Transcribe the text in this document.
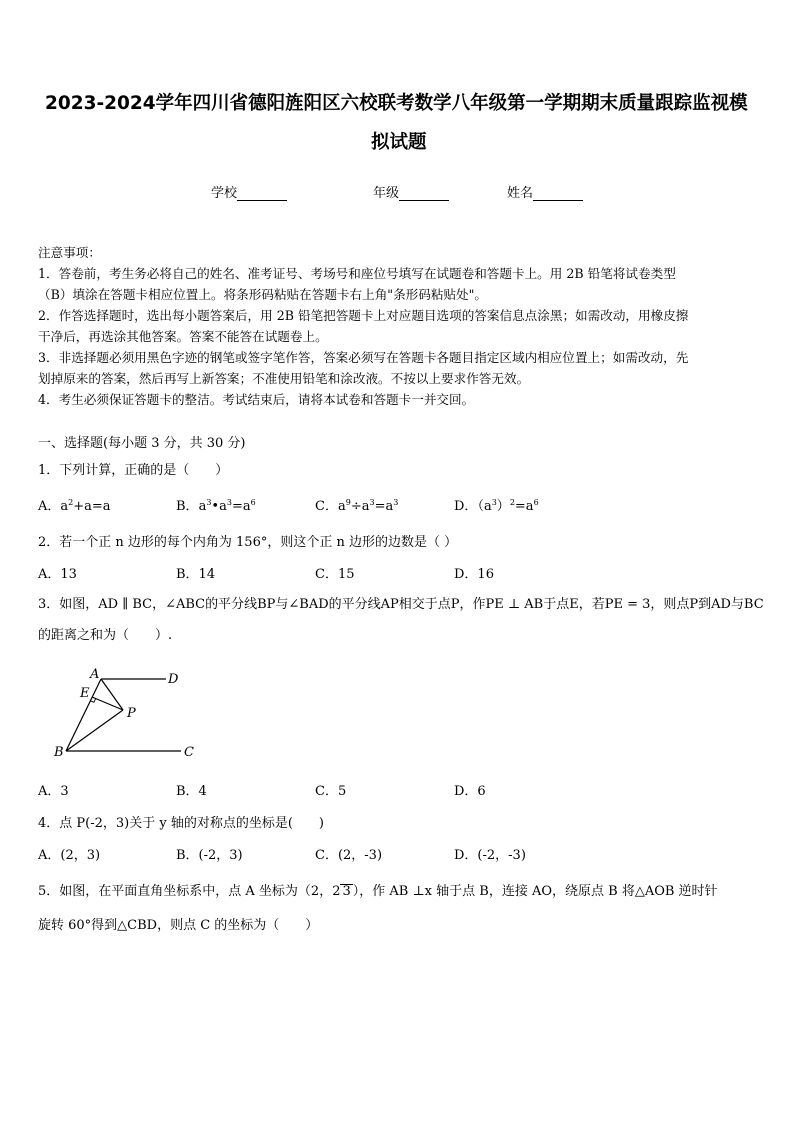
2023-2024学年四川省德阳旌阳区六校联考数学八年级第一学期期末质量跟踪监视模
拟试题
学校	年级	姓名
注意事项：
1．答卷前，考生务必将自己的姓名、准考证号、考场号和座位号填写在试题卷和答题卡上。用 2B 铅笔将试卷类型
（B）填涂在答题卡相应位置上。将条形码粘贴在答题卡右上角"条形码粘贴处"。
2．作答选择题时，选出每小题答案后，用 2B 铅笔把答题卡上对应题目选项的答案信息点涂黑；如需改动，用橡皮擦
干净后，再选涂其他答案。答案不能答在试题卷上。
3．非选择题必须用黑色字迹的钢笔或签字笔作答，答案必须写在答题卡各题目指定区域内相应位置上；如需改动，先
划掉原来的答案，然后再写上新答案；不准使用铅笔和涂改液。不按以上要求作答无效。
4．考生必须保证答题卡的整洁。考试结束后，请将本试卷和答题卡一并交回。
一、选择题(每小题 3 分，共 30 分)
1．下列计算，正确的是（　　）
A．$a^2+a=a$	B．$a^3•a^3=a^6$	C．$a^9\div a^3=a^3$	D．$(a^3)^2=a^6$
2．若一个正 n 边形的每个内角为 156°，则这个正 n 边形的边数是（ ）
A．13	B．14	C．15	D．16
3．如图，AD ∥ BC，∠ABC的平分线BP与∠BAD的平分线AP相交于点P，作PE ⊥ AB于点E，若PE = 3，则点P到AD与BC
的距离之和为（　　）.
A	D
E
P
B	C
A．3	B．4	C．5	D．6
4．点 P(-2，3)关于 y 轴的对称点的坐标是(　　)
A．(2，3)	B．(-2，3)	C．(2，-3)	D．(-2，-3)
5．如图，在平面直角坐标系中，点 A 坐标为（2，2 3 ），作 AB ⊥x 轴于点 B，连接 AO，绕原点 B 将△AOB 逆时针
旋转 60°得到△CBD，则点 C 的坐标为（　　）
